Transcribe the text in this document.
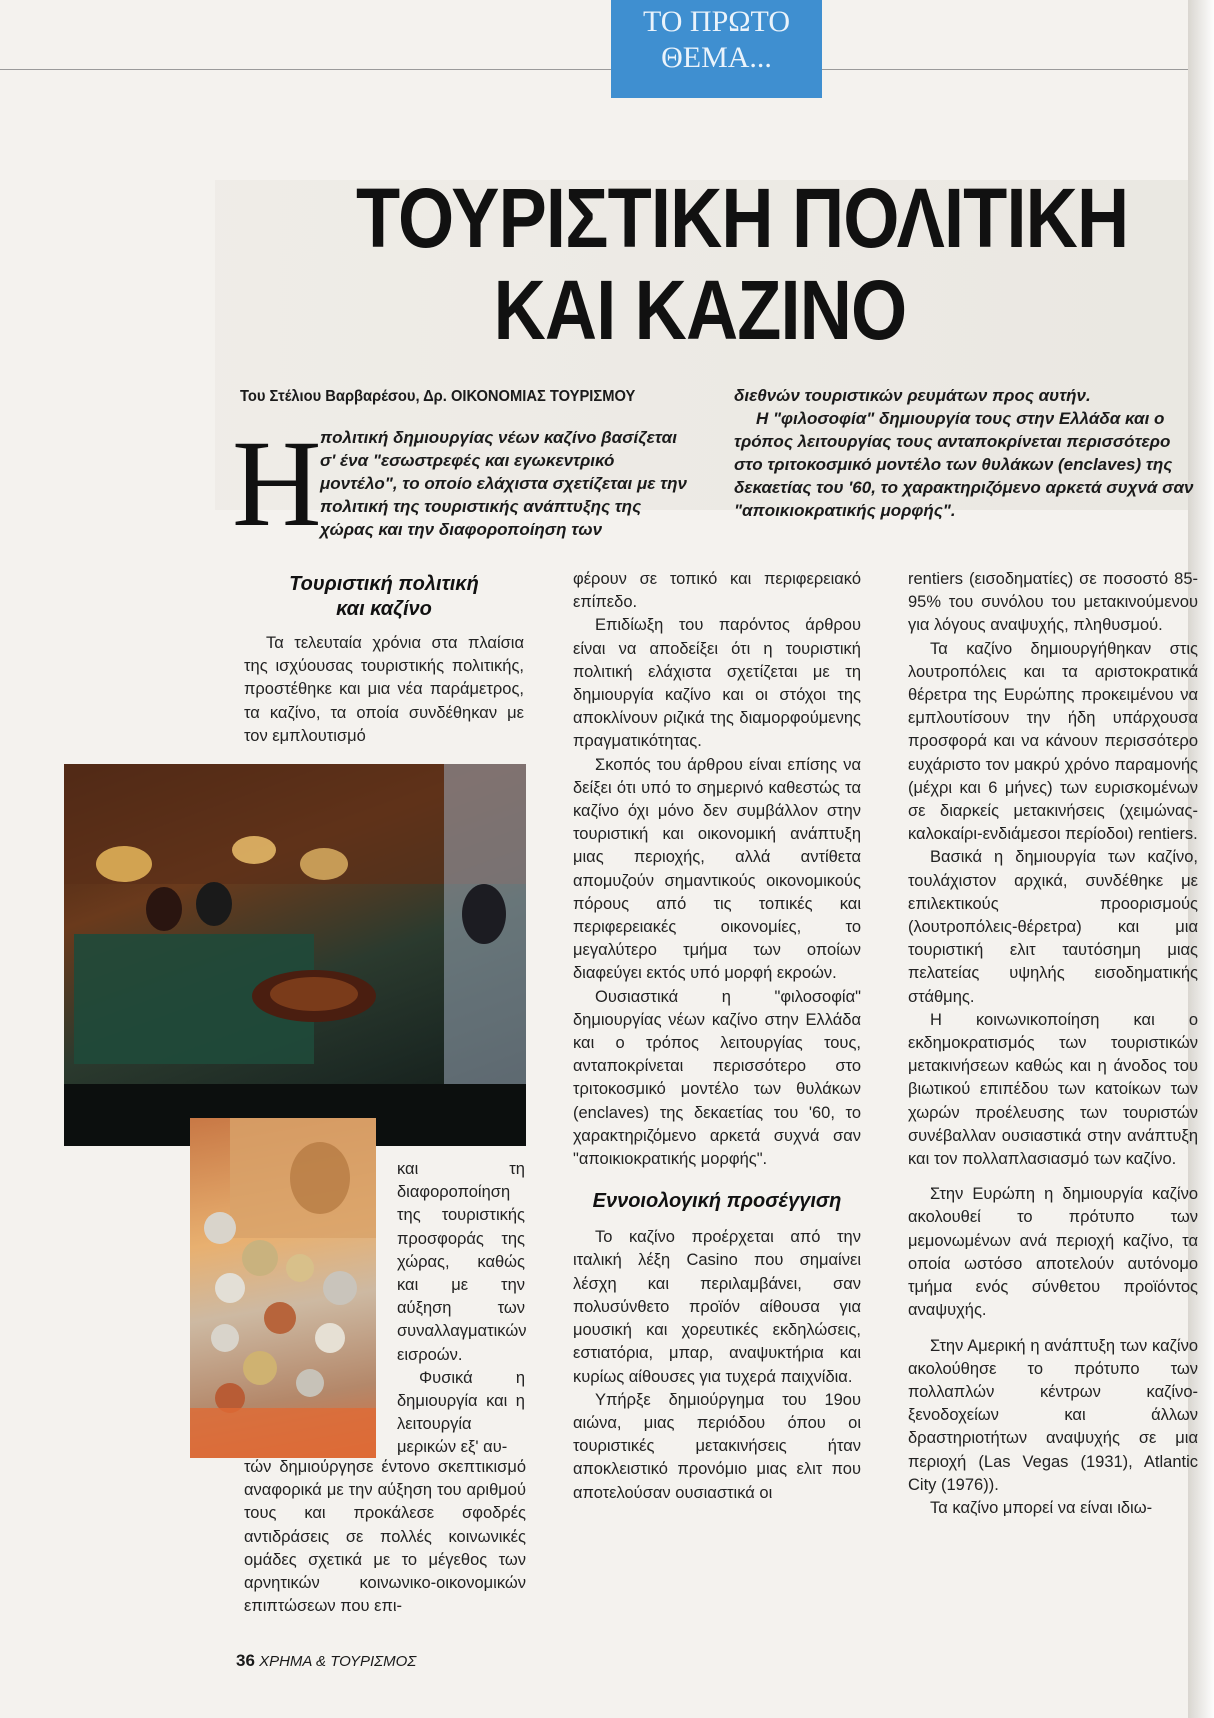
ΤΟ ΠΡΩΤΟ
ΘΕΜΑ...
ΤΟΥΡΙΣΤΙΚΗ ΠΟΛΙΤΙΚΗ
ΚΑΙ ΚΑΖΙΝΟ
Του Στέλιου Βαρβαρέσου, Δρ. ΟΙΚΟΝΟΜΙΑΣ ΤΟΥΡΙΣΜΟΥ
Η

πολιτική δημιουργίας νέων καζίνο βασίζεται σ' ένα "εσωστρεφές και εγωκεντρικό μοντέλο", το οποίο ελάχιστα σχετίζεται με την πολιτική της τουριστικής ανάπτυξης της χώρας και την διαφοροποίηση των

διεθνών τουριστικών ρευμάτων προς αυτήν.

Η "φιλοσοφία" δημιουργία τους στην Ελλάδα και ο τρόπος λειτουργίας τους ανταποκρίνεται περισσότερο στο τριτοκοσμικό μοντέλο των θυλάκων (enclaves) της δεκαετίας του '60, το χαρακτηριζόμενο αρκετά συχνά σαν "αποικιοκρατικής μορφής".

Τουριστική πολιτική
και καζίνο

Τα τελευταία χρόνια στα πλαίσια της ισχύουσας τουριστικής πολιτικής, προστέθηκε και μια νέα παράμετρος, τα καζίνο, τα οποία συνδέθηκαν με τον εμπλουτισμό

και τη διαφοροποίηση της τουριστικής προσφοράς της χώρας, καθώς και με την αύξηση των συναλλαγματικών εισροών.

Φυσικά η δημιουργία και η λειτουργία μερικών εξ' αυ-

τών δημιούργησε έντονο σκεπτικισμό αναφορικά με την αύξηση του αριθμού τους και προκάλεσε σφοδρές αντιδράσεις σε πολλές κοινωνικές ομάδες σχετικά με το μέγεθος των αρνητικών κοινωνικο-οικονομικών επιπτώσεων που επι-

φέρουν σε τοπικό και περιφερειακό επίπεδο.

Επιδίωξη του παρόντος άρθρου είναι να αποδείξει ότι η τουριστική πολιτική ελάχιστα σχετίζεται με τη δημιουργία καζίνο και οι στόχοι της αποκλίνουν ριζικά της διαμορφούμενης πραγματικότητας.

Σκοπός του άρθρου είναι επίσης να δείξει ότι υπό το σημερινό καθεστώς τα καζίνο όχι μόνο δεν συμβάλλον στην τουριστική και οικονομική ανάπτυξη μιας περιοχής, αλλά αντίθετα απομυζούν σημαντικούς οικονομικούς πόρους από τις τοπικές και περιφερειακές οικονομίες, το μεγαλύτερο τμήμα των οποίων διαφεύγει εκτός υπό μορφή εκροών.

Ουσιαστικά η "φιλοσοφία" δημιουργίας νέων καζίνο στην Ελλάδα και ο τρόπος λειτουργίας τους, ανταποκρίνεται περισσότερο στο τριτοκοσμικό μοντέλο των θυλάκων (enclaves) της δεκαετίας του '60, το χαρακτηριζόμενο αρκετά συχνά σαν "αποικιοκρατικής μορφής".

Εννοιολογική προσέγγιση

Το καζίνο προέρχεται από την ιταλική λέξη Casino που σημαίνει λέσχη και περιλαμβάνει, σαν πολυσύνθετο προϊόν αίθουσα για μουσική και χορευτικές εκδηλώσεις, εστιατόρια, μπαρ, αναψυκτήρια και κυρίως αίθουσες για τυχερά παιχνίδια.

Υπήρξε δημιούργημα του 19ου αιώνα, μιας περιόδου όπου οι τουριστικές μετακινήσεις ήταν αποκλειστικό προνόμιο μιας ελιτ που αποτελούσαν ουσιαστικά οι

rentiers (εισοδηματίες) σε ποσοστό 85-95% του συνόλου του μετακινούμενου για λόγους αναψυχής, πληθυσμού.

Τα καζίνο δημιουργήθηκαν στις λουτροπόλεις και τα αριστοκρατικά θέρετρα της Ευρώπης προκειμένου να εμπλουτίσουν την ήδη υπάρχουσα προσφορά και να κάνουν περισσότερο ευχάριστο τον μακρύ χρόνο παραμονής (μέχρι και 6 μήνες) των ευρισκομένων σε διαρκείς μετακινήσεις (χειμώνας-καλοκαίρι-ενδιάμεσοι περίοδοι) rentiers.

Βασικά η δημιουργία των καζίνο, τουλάχιστον αρχικά, συνδέθηκε με επιλεκτικούς προορισμούς (λουτροπόλεις-θέρετρα) και μια τουριστική ελιτ ταυτόσημη μιας πελατείας υψηλής εισοδηματικής στάθμης.

Η κοινωνικοποίηση και ο εκδημοκρατισμός των τουριστικών μετακινήσεων καθώς και η άνοδος του βιωτικού επιπέδου των κατοίκων των χωρών προέλευσης των τουριστών συνέβαλλαν ουσιαστικά στην ανάπτυξη και τον πολλαπλασιασμό των καζίνο.

Στην Ευρώπη η δημιουργία καζίνο ακολουθεί το πρότυπο των μεμονωμένων ανά περιοχή καζίνο, τα οποία ωστόσο αποτελούν αυτόνομο τμήμα ενός σύνθετου προϊόντος αναψυχής.

Στην Αμερική η ανάπτυξη των καζίνο ακολούθησε το πρότυπο των πολλαπλών κέντρων καζίνο-ξενοδοχείων και άλλων δραστηριοτήτων αναψυχής σε μια περιοχή (Las Vegas (1931), Atlantic City (1976)).

Τα καζίνο μπορεί να είναι ιδιω-

36 ΧΡΗΜΑ & ΤΟΥΡΙΣΜΟΣ
